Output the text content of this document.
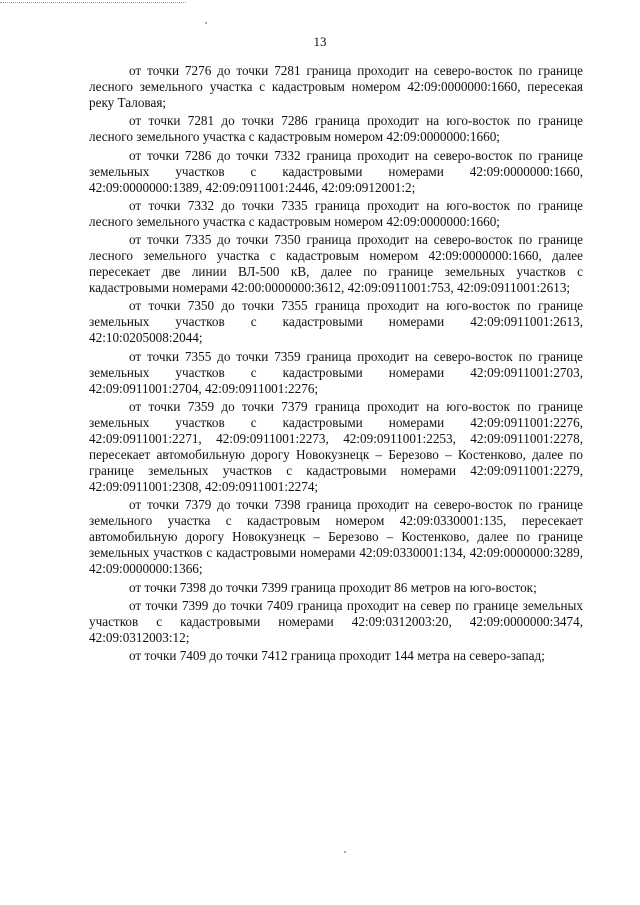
13

от точки 7276 до точки 7281 граница проходит на северо-восток по границе лесного земельного участка с кадастровым номером 42:09:0000000:1660, пересекая реку Таловая;

от точки 7281 до точки 7286 граница проходит на юго-восток по границе лесного земельного участка с кадастровым номером 42:09:0000000:1660;

от точки 7286 до точки 7332 граница проходит на северо-восток по границе земельных участков с кадастровыми номерами 42:09:0000000:1660, 42:09:0000000:1389, 42:09:0911001:2446, 42:09:0912001:2;

от точки 7332 до точки 7335 граница проходит на юго-восток по границе лесного земельного участка с кадастровым номером 42:09:0000000:1660;

от точки 7335 до точки 7350 граница проходит на северо-восток по границе лесного земельного участка с кадастровым номером 42:09:0000000:1660, далее пересекает две линии ВЛ-500 кВ, далее по границе земельных участков с кадастровыми номерами 42:00:0000000:3612, 42:09:0911001:753, 42:09:0911001:2613;

от точки 7350 до точки 7355 граница проходит на юго-восток по границе земельных участков с кадастровыми номерами 42:09:0911001:2613, 42:10:0205008:2044;

от точки 7355 до точки 7359 граница проходит на северо-восток по границе земельных участков с кадастровыми номерами 42:09:0911001:2703, 42:09:0911001:2704, 42:09:0911001:2276;

от точки 7359 до точки 7379 граница проходит на юго-восток по границе земельных участков с кадастровыми номерами 42:09:0911001:2276, 42:09:0911001:2271, 42:09:0911001:2273, 42:09:0911001:2253, 42:09:0911001:2278, пересекает автомобильную дорогу Новокузнецк – Березово – Костенково, далее по границе земельных участков с кадастровыми номерами 42:09:0911001:2279, 42:09:0911001:2308, 42:09:0911001:2274;

от точки 7379 до точки 7398 граница проходит на северо-восток по границе земельного участка с кадастровым номером 42:09:0330001:135, пересекает автомобильную дорогу Новокузнецк – Березово – Костенково, далее по границе земельных участков с кадастровыми номерами 42:09:0330001:134, 42:09:0000000:3289, 42:09:0000000:1366;

от точки 7398 до точки 7399 граница проходит 86 метров на юго-восток;

от точки 7399 до точки 7409 граница проходит на север по границе земельных участков с кадастровыми номерами 42:09:0312003:20, 42:09:0000000:3474, 42:09:0312003:12;

от точки 7409 до точки 7412 граница проходит 144 метра на северо-запад;
